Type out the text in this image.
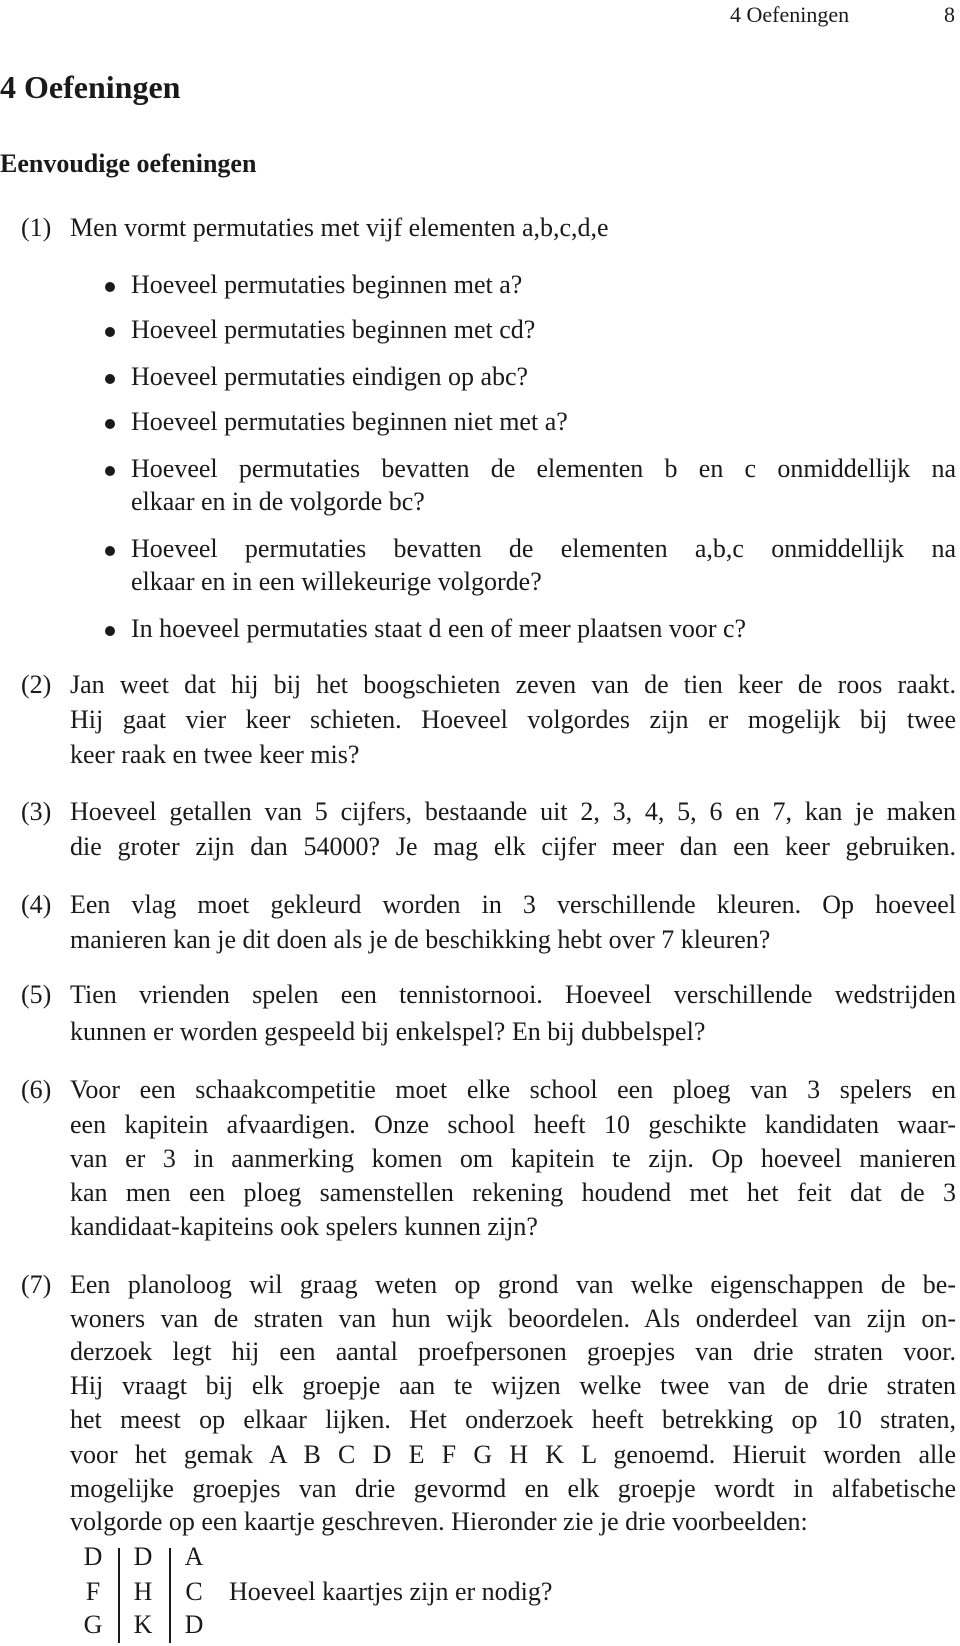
4 Oefeningen	8
4 Oefeningen
Eenvoudige oefeningen
(1) Men vormt permutaties met vijf elementen a,b,c,d,e
Hoeveel permutaties beginnen met a?
Hoeveel permutaties beginnen met cd?
Hoeveel permutaties eindigen op abc?
Hoeveel permutaties beginnen niet met a?
Hoeveel permutaties bevatten de elementen b en c onmiddellijk na
elkaar en in de volgorde bc?
Hoeveel permutaties bevatten de elementen a,b,c onmiddellijk na
elkaar en in een willekeurige volgorde?
In hoeveel permutaties staat d een of meer plaatsen voor c?
(2) Jan weet dat hij bij het boogschieten zeven van de tien keer de roos raakt.
Hij gaat vier keer schieten. Hoeveel volgordes zijn er mogelijk bij twee
keer raak en twee keer mis?
(3) Hoeveel getallen van 5 cijfers, bestaande uit 2, 3, 4, 5, 6 en 7, kan je maken
die groter zijn dan 54000? Je mag elk cijfer meer dan een keer gebruiken.
(4) Een vlag moet gekleurd worden in 3 verschillende kleuren. Op hoeveel
manieren kan je dit doen als je de beschikking hebt over 7 kleuren?
(5) Tien vrienden spelen een tennistornooi. Hoeveel verschillende wedstrijden
kunnen er worden gespeeld bij enkelspel? En bij dubbelspel?
(6) Voor een schaakcompetitie moet elke school een ploeg van 3 spelers en
een kapitein afvaardigen. Onze school heeft 10 geschikte kandidaten waar-
van er 3 in aanmerking komen om kapitein te zijn. Op hoeveel manieren
kan men een ploeg samenstellen rekening houdend met het feit dat de 3
kandidaat-kapiteins ook spelers kunnen zijn?
(7) Een planoloog wil graag weten op grond van welke eigenschappen de be-
woners van de straten van hun wijk beoordelen. Als onderdeel van zijn on-
derzoek legt hij een aantal proefpersonen groepjes van drie straten voor.
Hij vraagt bij elk groepje aan te wijzen welke twee van de drie straten
het meest op elkaar lijken. Het onderzoek heeft betrekking op 10 straten,
voor het gemak A B C D E F G H K L genoemd. Hieruit worden alle
mogelijke groepjes van drie gevormd en elk groepje wordt in alfabetische
volgorde op een kaartje geschreven. Hieronder zie je drie voorbeelden:
D
F
G
D
H
K
A
C
D
Hoeveel kaartjes zijn er nodig?
